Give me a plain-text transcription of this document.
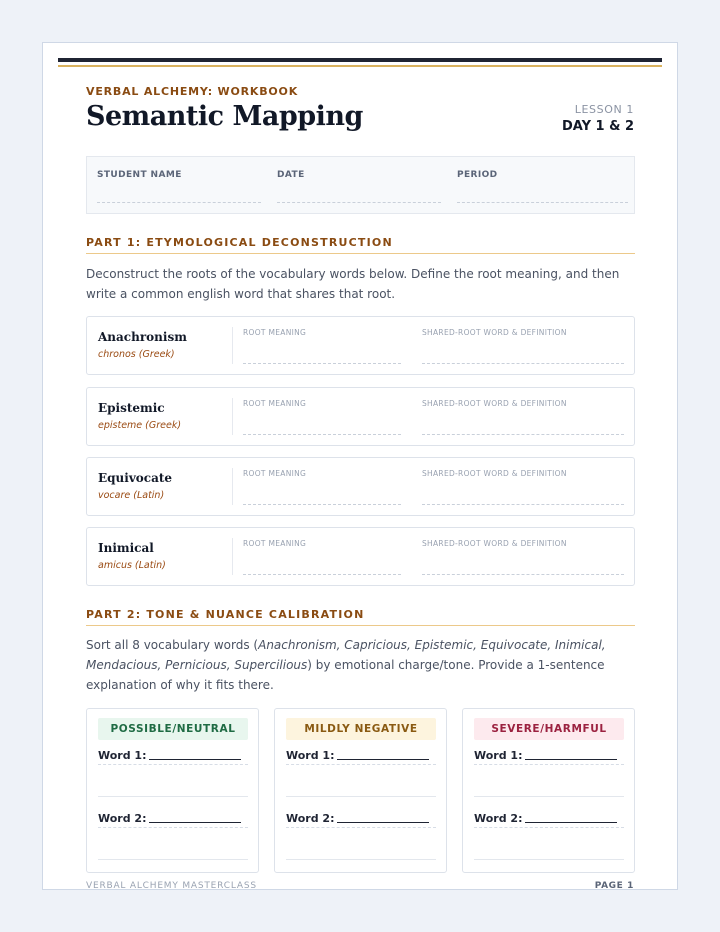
VERBAL ALCHEMY: WORKBOOK
Semantic Mapping	LESSON 1
DAY 1 & 2
STUDENT NAME	DATE	PERIOD
PART 1: ETYMOLOGICAL DECONSTRUCTION
Deconstruct the roots of the vocabulary words below. Define the root meaning, and then write a common english word that shares that root.
Anachronism
chronos (Greek)
ROOT MEANING	SHARED-ROOT WORD & DEFINITION
Epistemic
episteme (Greek)
ROOT MEANING	SHARED-ROOT WORD & DEFINITION
Equivocate
vocare (Latin)
ROOT MEANING	SHARED-ROOT WORD & DEFINITION
Inimical
amicus (Latin)
ROOT MEANING	SHARED-ROOT WORD & DEFINITION
PART 2: TONE & NUANCE CALIBRATION
Sort all 8 vocabulary words (Anachronism, Capricious, Epistemic, Equivocate, Inimical, Mendacious, Pernicious, Supercilious) by emotional charge/tone. Provide a 1-sentence explanation of why it fits there.
POSSIBLE/NEUTRAL
Word 1:
Word 2:
MILDLY NEGATIVE
Word 1:
Word 2:
SEVERE/HARMFUL
Word 1:
Word 2:
VERBAL ALCHEMY MASTERCLASS	PAGE 1
